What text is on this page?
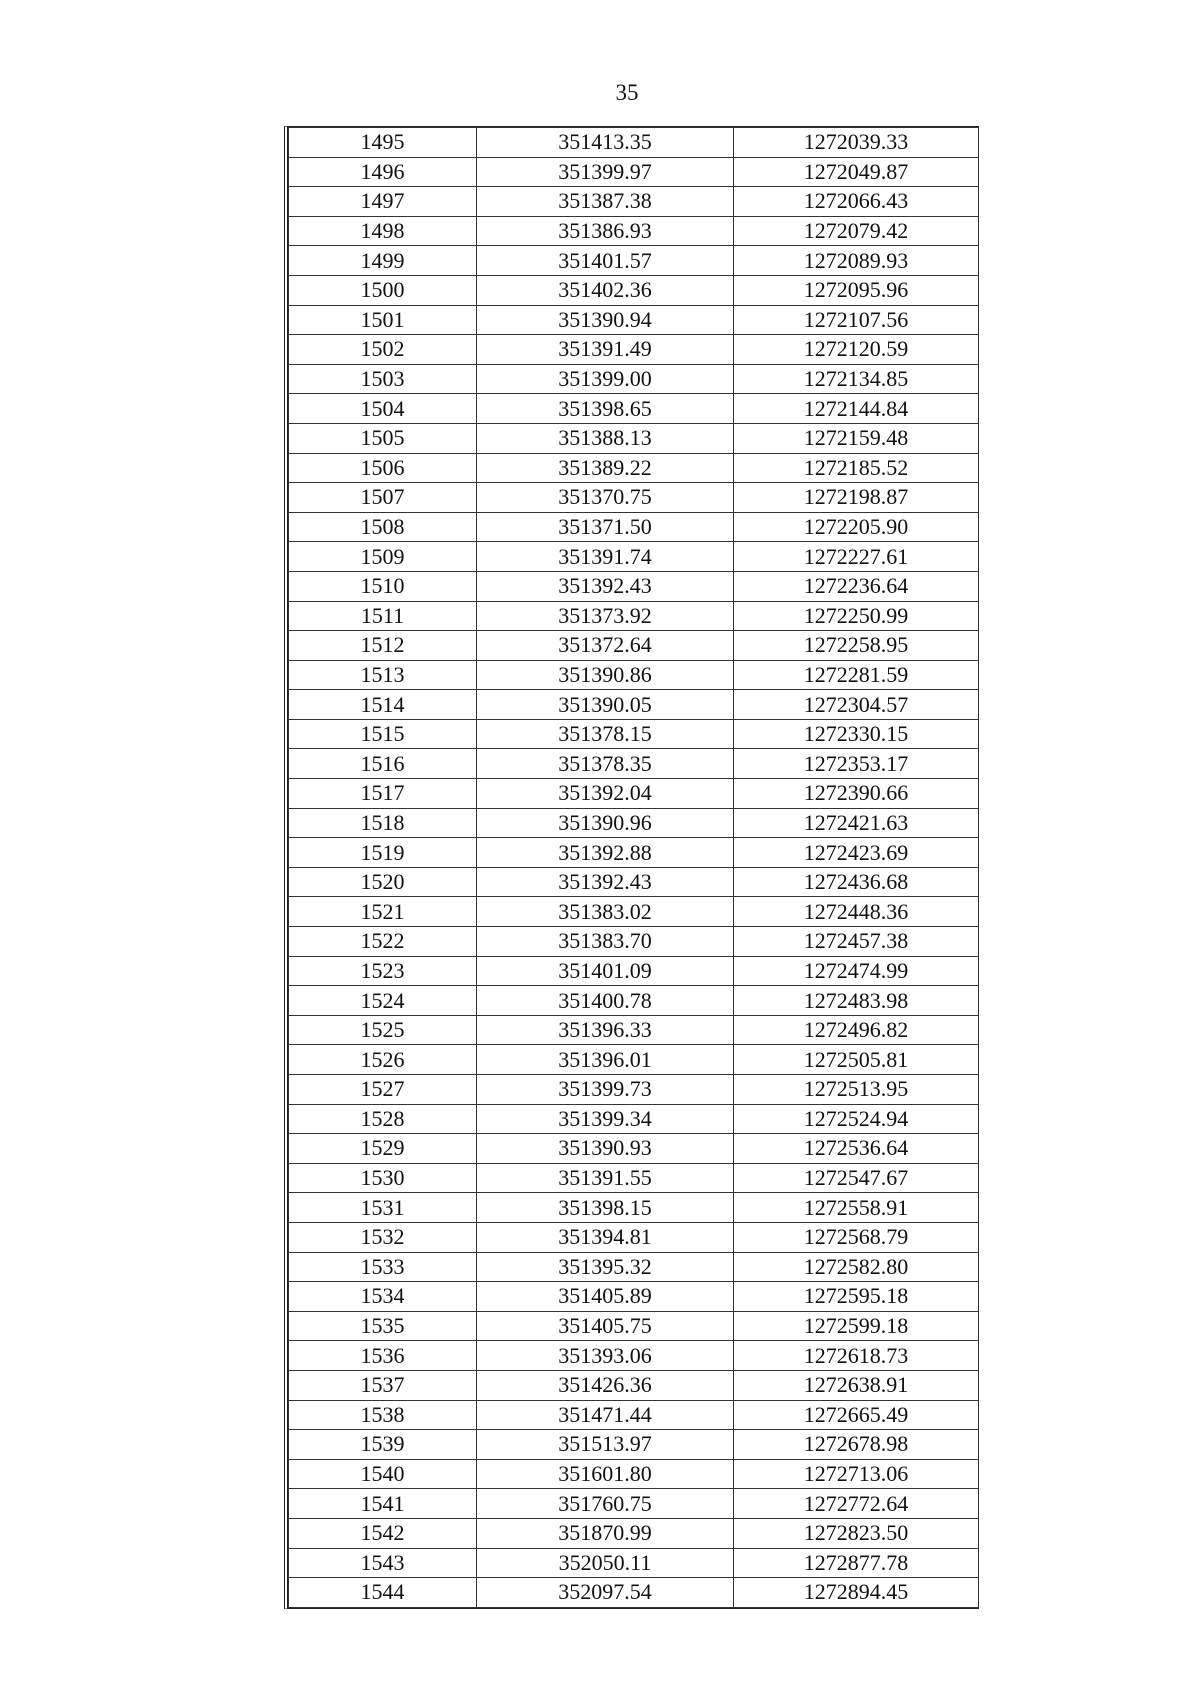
35
1495	351413.35	1272039.33
1496	351399.97	1272049.87
1497	351387.38	1272066.43
1498	351386.93	1272079.42
1499	351401.57	1272089.93
1500	351402.36	1272095.96
1501	351390.94	1272107.56
1502	351391.49	1272120.59
1503	351399.00	1272134.85
1504	351398.65	1272144.84
1505	351388.13	1272159.48
1506	351389.22	1272185.52
1507	351370.75	1272198.87
1508	351371.50	1272205.90
1509	351391.74	1272227.61
1510	351392.43	1272236.64
1511	351373.92	1272250.99
1512	351372.64	1272258.95
1513	351390.86	1272281.59
1514	351390.05	1272304.57
1515	351378.15	1272330.15
1516	351378.35	1272353.17
1517	351392.04	1272390.66
1518	351390.96	1272421.63
1519	351392.88	1272423.69
1520	351392.43	1272436.68
1521	351383.02	1272448.36
1522	351383.70	1272457.38
1523	351401.09	1272474.99
1524	351400.78	1272483.98
1525	351396.33	1272496.82
1526	351396.01	1272505.81
1527	351399.73	1272513.95
1528	351399.34	1272524.94
1529	351390.93	1272536.64
1530	351391.55	1272547.67
1531	351398.15	1272558.91
1532	351394.81	1272568.79
1533	351395.32	1272582.80
1534	351405.89	1272595.18
1535	351405.75	1272599.18
1536	351393.06	1272618.73
1537	351426.36	1272638.91
1538	351471.44	1272665.49
1539	351513.97	1272678.98
1540	351601.80	1272713.06
1541	351760.75	1272772.64
1542	351870.99	1272823.50
1543	352050.11	1272877.78
1544	352097.54	1272894.45
